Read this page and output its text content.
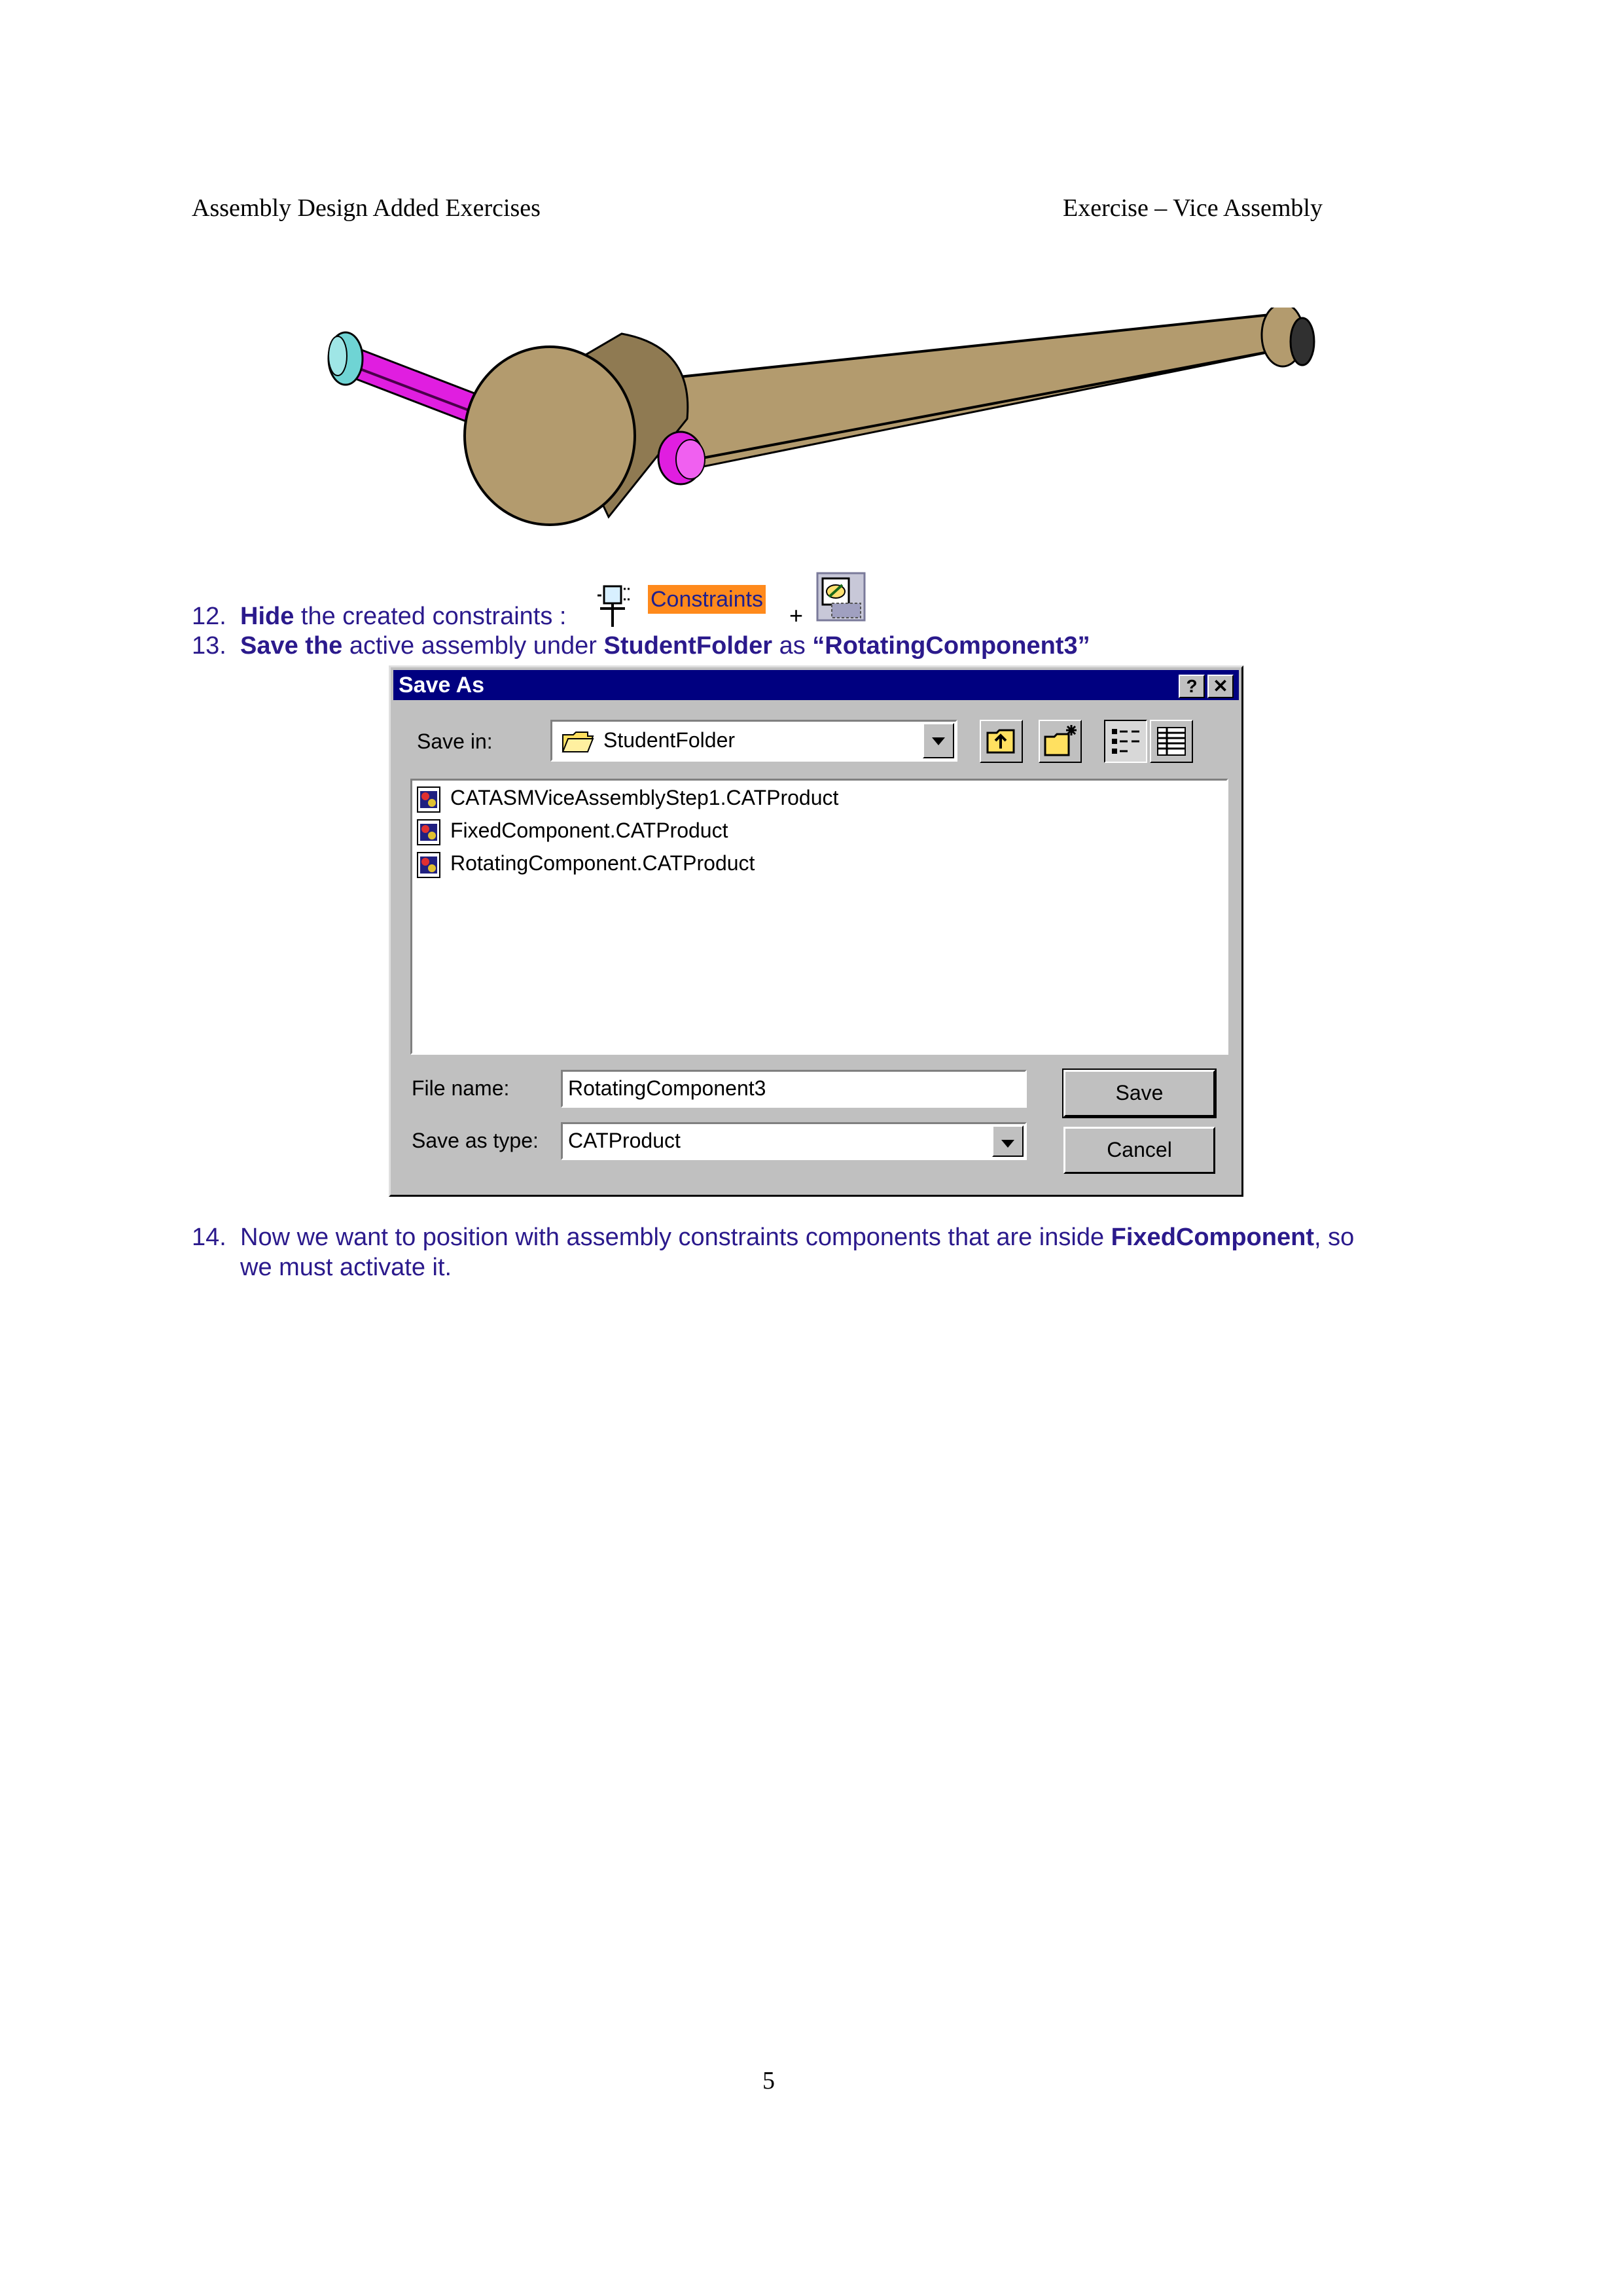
Assembly Design Added Exercises	Exercise – Vice Assembly
12. Hide the created constraints :
Constraints
+
13. Save the active assembly under StudentFolder as “RotatingComponent3”
Save As	? ✕
Save in:	StudentFolder
CATASMViceAssemblyStep1.CATProduct
FixedComponent.CATProduct
RotatingComponent.CATProduct
File name:	RotatingComponent3
Save as type: CATProduct
Save
Cancel
14. Now we want to position with assembly constraints components that are inside FixedComponent, so
we must activate it.
5
